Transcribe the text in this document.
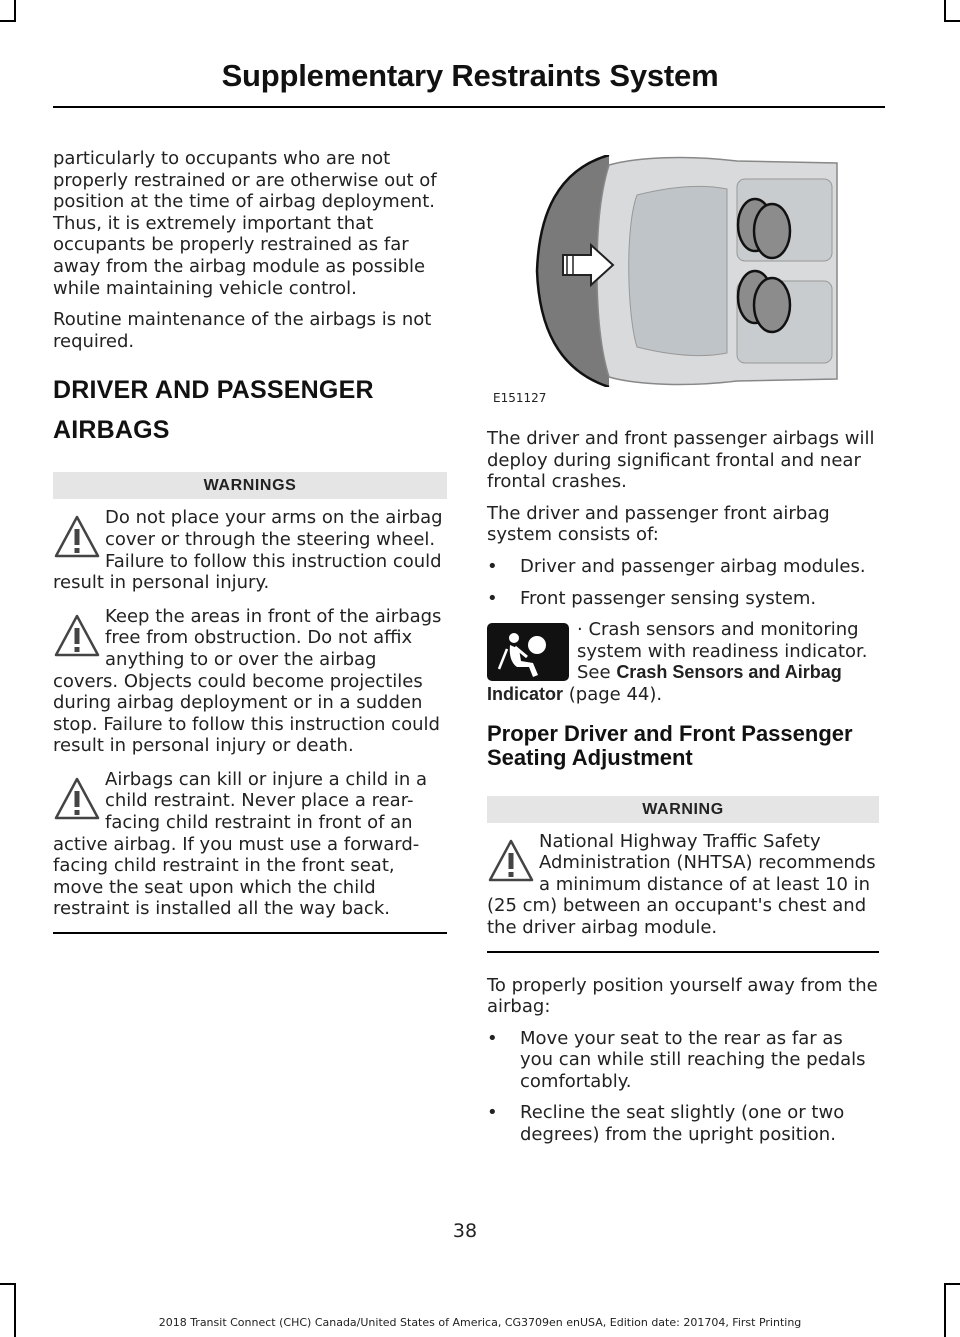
Supplementary Restraints System

particularly to occupants who are not properly restrained or are otherwise out of position at the time of airbag deployment. Thus, it is extremely important that occupants be properly restrained as far away from the airbag module as possible while maintaining vehicle control.

Routine maintenance of the airbags is not required.

DRIVER AND PASSENGER
AIRBAGS
WARNINGS
Do not place your arms on the airbag cover or through the steering wheel. Failure to follow this instruction could result in personal injury.
Keep the areas in front of the airbags free from obstruction. Do not affix anything to or over the airbag covers. Objects could become projectiles during airbag deployment or in a sudden stop. Failure to follow this instruction could result in personal injury or death.
Airbags can kill or injure a child in a child restraint. Never place a rear-facing child restraint in front of an active airbag. If you must use a forward-facing child restraint in the front seat, move the seat upon which the child restraint is installed all the way back.
E151127

The driver and front passenger airbags will deploy during significant frontal and near frontal crashes.

The driver and passenger front airbag system consists of:

• Driver and passenger airbag modules.
• Front passenger sensing system.
· Crash sensors and monitoring system with readiness indicator. See Crash Sensors and Airbag Indicator (page 44).
Proper Driver and Front Passenger Seating Adjustment
WARNING
National Highway Traffic Safety Administration (NHTSA) recommends a minimum distance of at least 10 in (25 cm) between an occupant's chest and the driver airbag module.

To properly position yourself away from the airbag:

• Move your seat to the rear as far as you can while still reaching the pedals comfortably.
• Recline the seat slightly (one or two degrees) from the upright position.
38
2018 Transit Connect (CHC) Canada/United States of America, CG3709en enUSA, Edition date: 201704, First Printing
